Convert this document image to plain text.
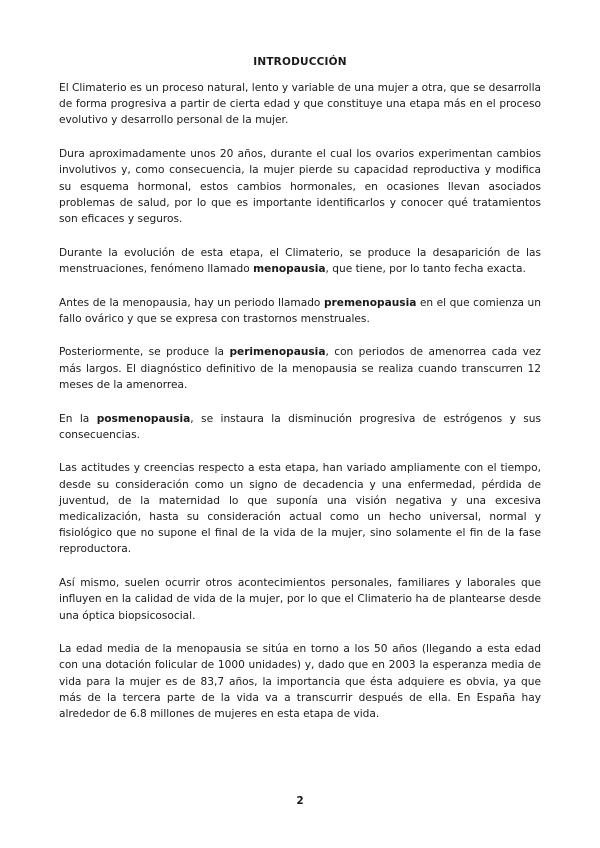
INTRODUCCIÓN

El Climaterio es un proceso natural, lento y variable de una mujer a otra, que se desarrolla de forma progresiva a partir de cierta edad y que constituye una etapa más en el proceso evolutivo y desarrollo personal de la mujer.

Dura aproximadamente unos 20 años, durante el cual los ovarios experimentan cambios involutivos y, como consecuencia, la mujer pierde su capacidad reproductiva y modifica su esquema hormonal, estos cambios hormonales, en ocasiones llevan asociados problemas de salud, por lo que es importante identificarlos y conocer qué tratamientos son eficaces y seguros.

Durante la evolución de esta etapa, el Climaterio, se produce la desaparición de las menstruaciones, fenómeno llamado menopausia, que tiene, por lo tanto fecha exacta.

Antes de la menopausia, hay un periodo llamado premenopausia en el que comienza un fallo ovárico y que se expresa con trastornos menstruales.

Posteriormente, se produce la perimenopausia, con periodos de amenorrea cada vez más largos. El diagnóstico definitivo de la menopausia se realiza cuando transcurren 12 meses de la amenorrea.

En la posmenopausia, se instaura la disminución progresiva de estrógenos y sus consecuencias.

Las actitudes y creencias respecto a esta etapa, han variado ampliamente con el tiempo, desde su consideración como un signo de decadencia y una enfermedad, pérdida de juventud, de la maternidad lo que suponía una visión negativa y una excesiva medicalización, hasta su consideración actual como un hecho universal, normal y fisiológico que no supone el final de la vida de la mujer, sino solamente el fin de la fase reproductora.

Así mismo, suelen ocurrir otros acontecimientos personales, familiares y laborales que influyen en la calidad de vida de la mujer, por lo que el Climaterio ha de plantearse desde una óptica biopsicosocial.

La edad media de la menopausia se sitúa en torno a los 50 años (llegando a esta edad con una dotación folicular de 1000 unidades) y, dado que en 2003 la esperanza media de vida para la mujer es de 83,7 años, la importancia que ésta adquiere es obvia, ya que más de la tercera parte de la vida va a transcurrir después de ella. En España hay alrededor de 6.8 millones de mujeres en esta etapa de vida.

2
